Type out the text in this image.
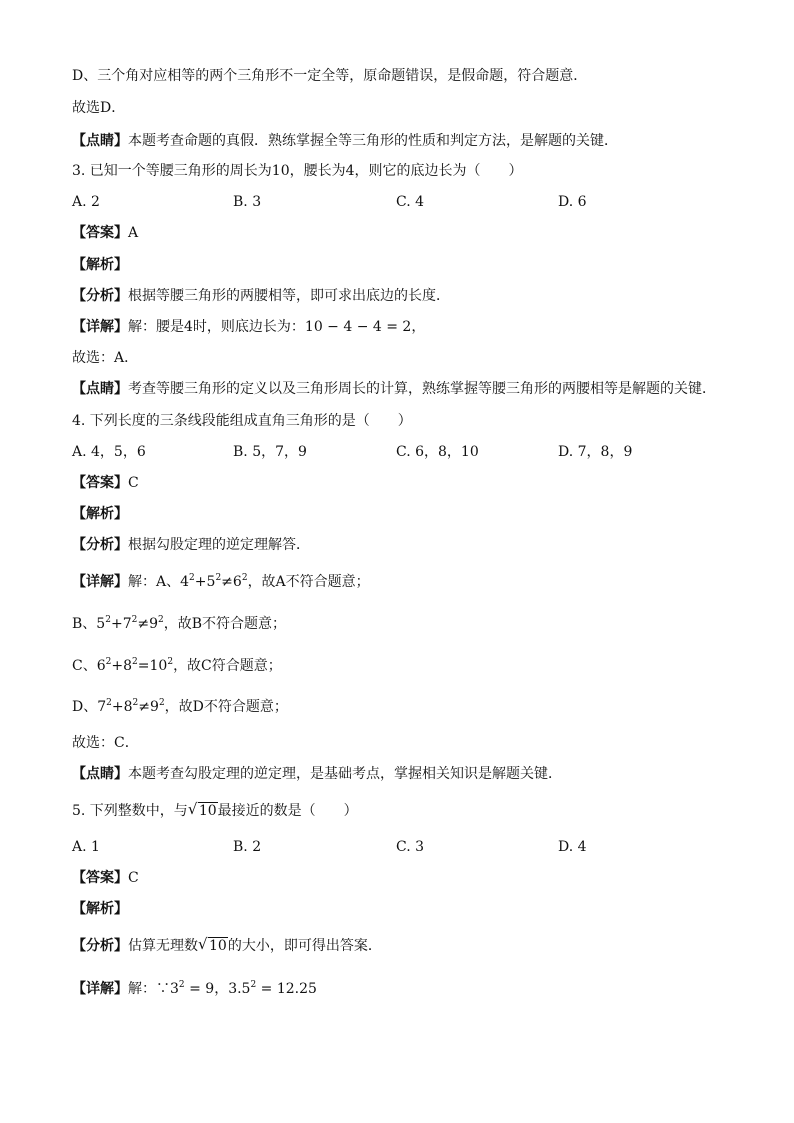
D、三个角对应相等的两个三角形不一定全等，原命题错误，是假命题，符合题意．
故选D．
【点睛】本题考查命题的真假．熟练掌握全等三角形的性质和判定方法，是解题的关键．
3. 已知一个等腰三角形的周长为10，腰长为4，则它的底边长为（　　）
A. 2	B. 3	C. 4	D. 6
【答案】A
【解析】
【分析】根据等腰三角形的两腰相等，即可求出底边的长度．
【详解】解：腰是4时，则底边长为：10 − 4 − 4 = 2，
故选：A．
【点睛】考查等腰三角形的定义以及三角形周长的计算，熟练掌握等腰三角形的两腰相等是解题的关键．
4. 下列长度的三条线段能组成直角三角形的是（　　）
A. 4，5，6	B. 5，7，9	C. 6，8，10	D. 7，8，9
【答案】C
【解析】
【分析】根据勾股定理的逆定理解答．
【详解】解：A、$4^2+5^2\ne 6^2$，故A不符合题意；
B、$5^2+7^2\ne 9^2$，故B不符合题意；
C、$6^2+8^2=10^2$，故C符合题意；
D、$7^2+8^2\ne 9^2$，故D不符合题意；
故选：C．
【点睛】本题考查勾股定理的逆定理，是基础考点，掌握相关知识是解题关键．
5. 下列整数中，与 √ 10最接近的数是（　　）
A. 1	B. 2	C. 3	D. 4
【答案】C
【解析】
【分析】估算无理数 √ 10的大小，即可得出答案．
【详解】解：$\because 3^2 = 9$，$3.5^2 = 12.25$
